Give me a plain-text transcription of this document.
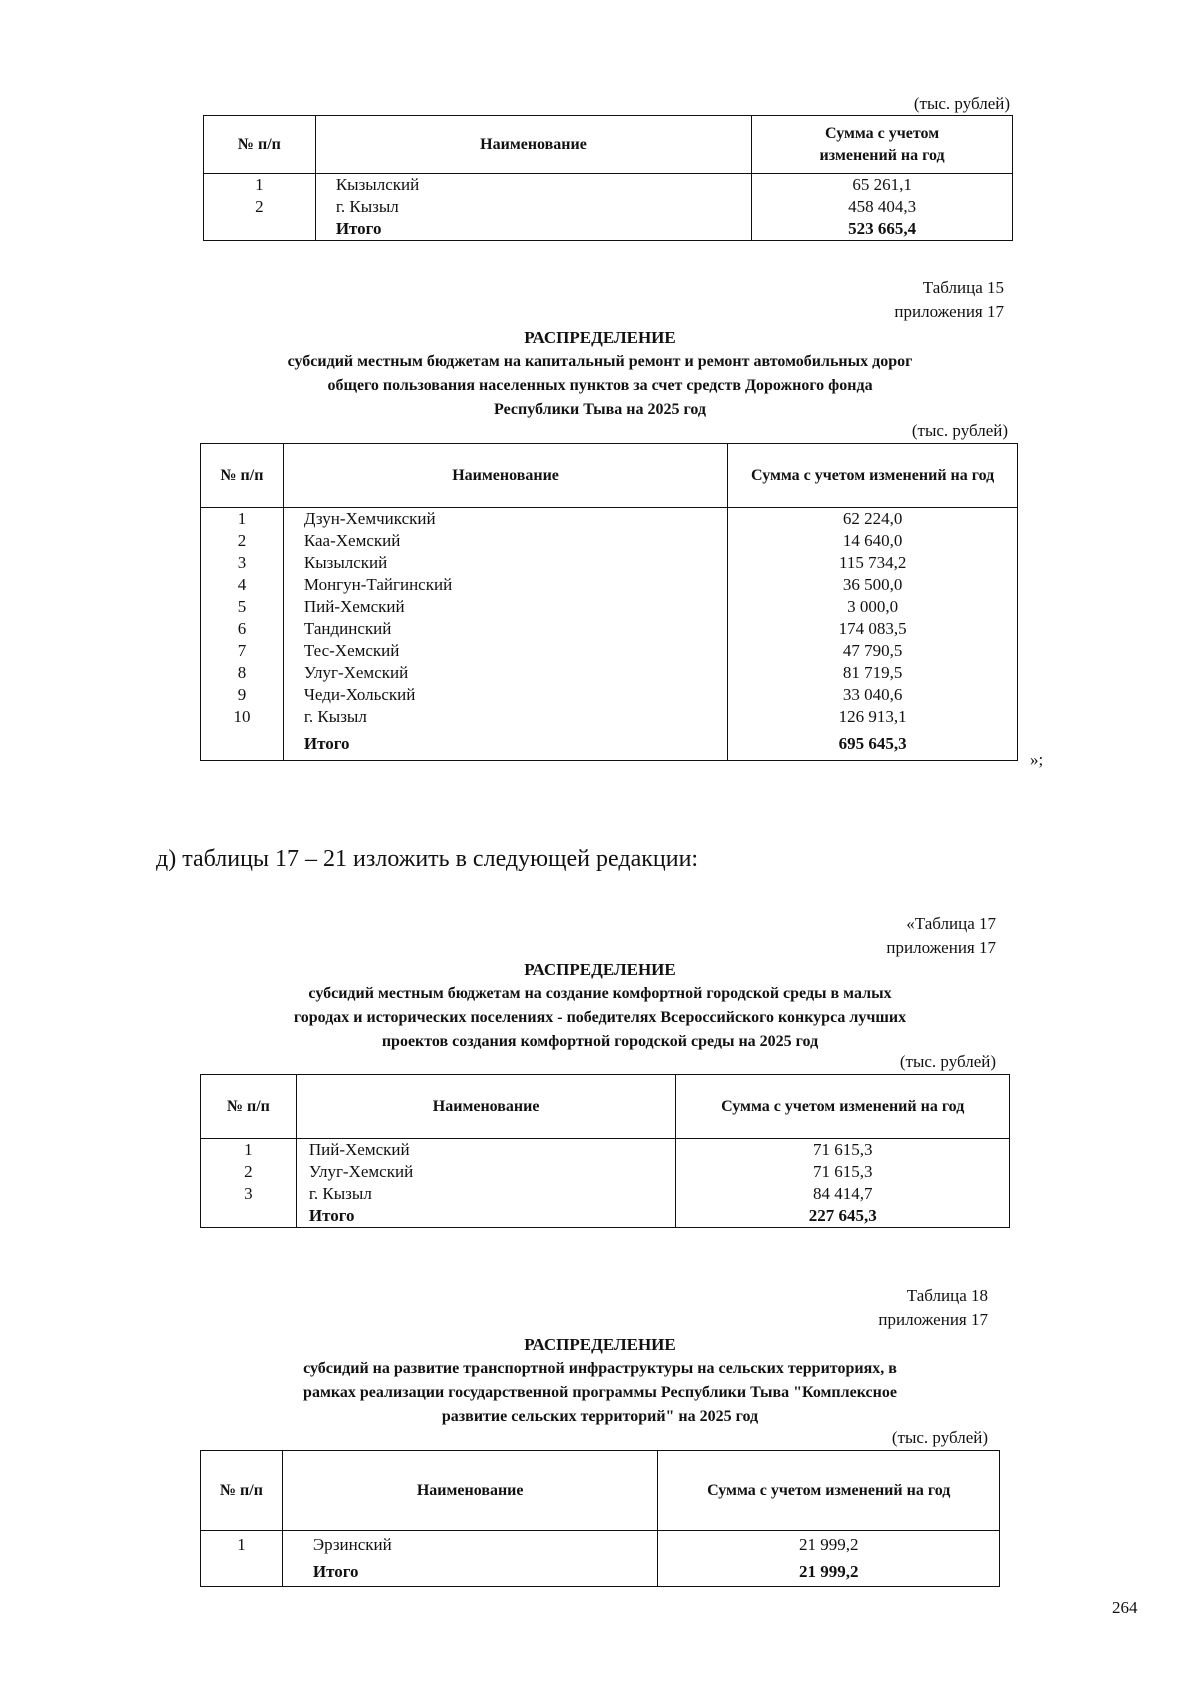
(тыс. рублей)
№ п/п	Наименование	Сумма с учетом изменений на год
1	Кызылский	65 261,1
2	г. Кызыл	458 404,3
	Итого	523 665,4
Таблица 15
приложения 17
РАСПРЕДЕЛЕНИЕ
субсидий местным бюджетам на капитальный ремонт и ремонт автомобильных дорог
общего пользования населенных пунктов за счет средств Дорожного фонда
Республики Тыва на 2025 год
(тыс. рублей)
№ п/п	Наименование	Сумма с учетом изменений на год
1	Дзун-Хемчикский	62 224,0
2	Каа-Хемский	14 640,0
3	Кызылский	115 734,2
4	Монгун-Тайгинский	36 500,0
5	Пий-Хемский	3 000,0
6	Тандинский	174 083,5
7	Тес-Хемский	47 790,5
8	Улуг-Хемский	81 719,5
9	Чеди-Хольский	33 040,6
10	г. Кызыл	126 913,1
	Итого	695 645,3
»;
д) таблицы 17 – 21 изложить в следующей редакции:
«Таблица 17
приложения 17
РАСПРЕДЕЛЕНИЕ
субсидий местным бюджетам на создание комфортной городской среды в малых
городах и исторических поселениях - победителях Всероссийского конкурса лучших
проектов создания комфортной городской среды на 2025 год
(тыс. рублей)
№ п/п	Наименование	Сумма с учетом изменений на год
1	Пий-Хемский	71 615,3
2	Улуг-Хемский	71 615,3
3	г. Кызыл	84 414,7
	Итого	227 645,3
Таблица 18
приложения 17
РАСПРЕДЕЛЕНИЕ
субсидий на развитие транспортной инфраструктуры на сельских территориях, в
рамках реализации государственной программы Республики Тыва "Комплексное
развитие сельских территорий" на 2025 год
(тыс. рублей)
№ п/п	Наименование	Сумма с учетом изменений на год
1	Эрзинский	21 999,2
	Итого	21 999,2
264
